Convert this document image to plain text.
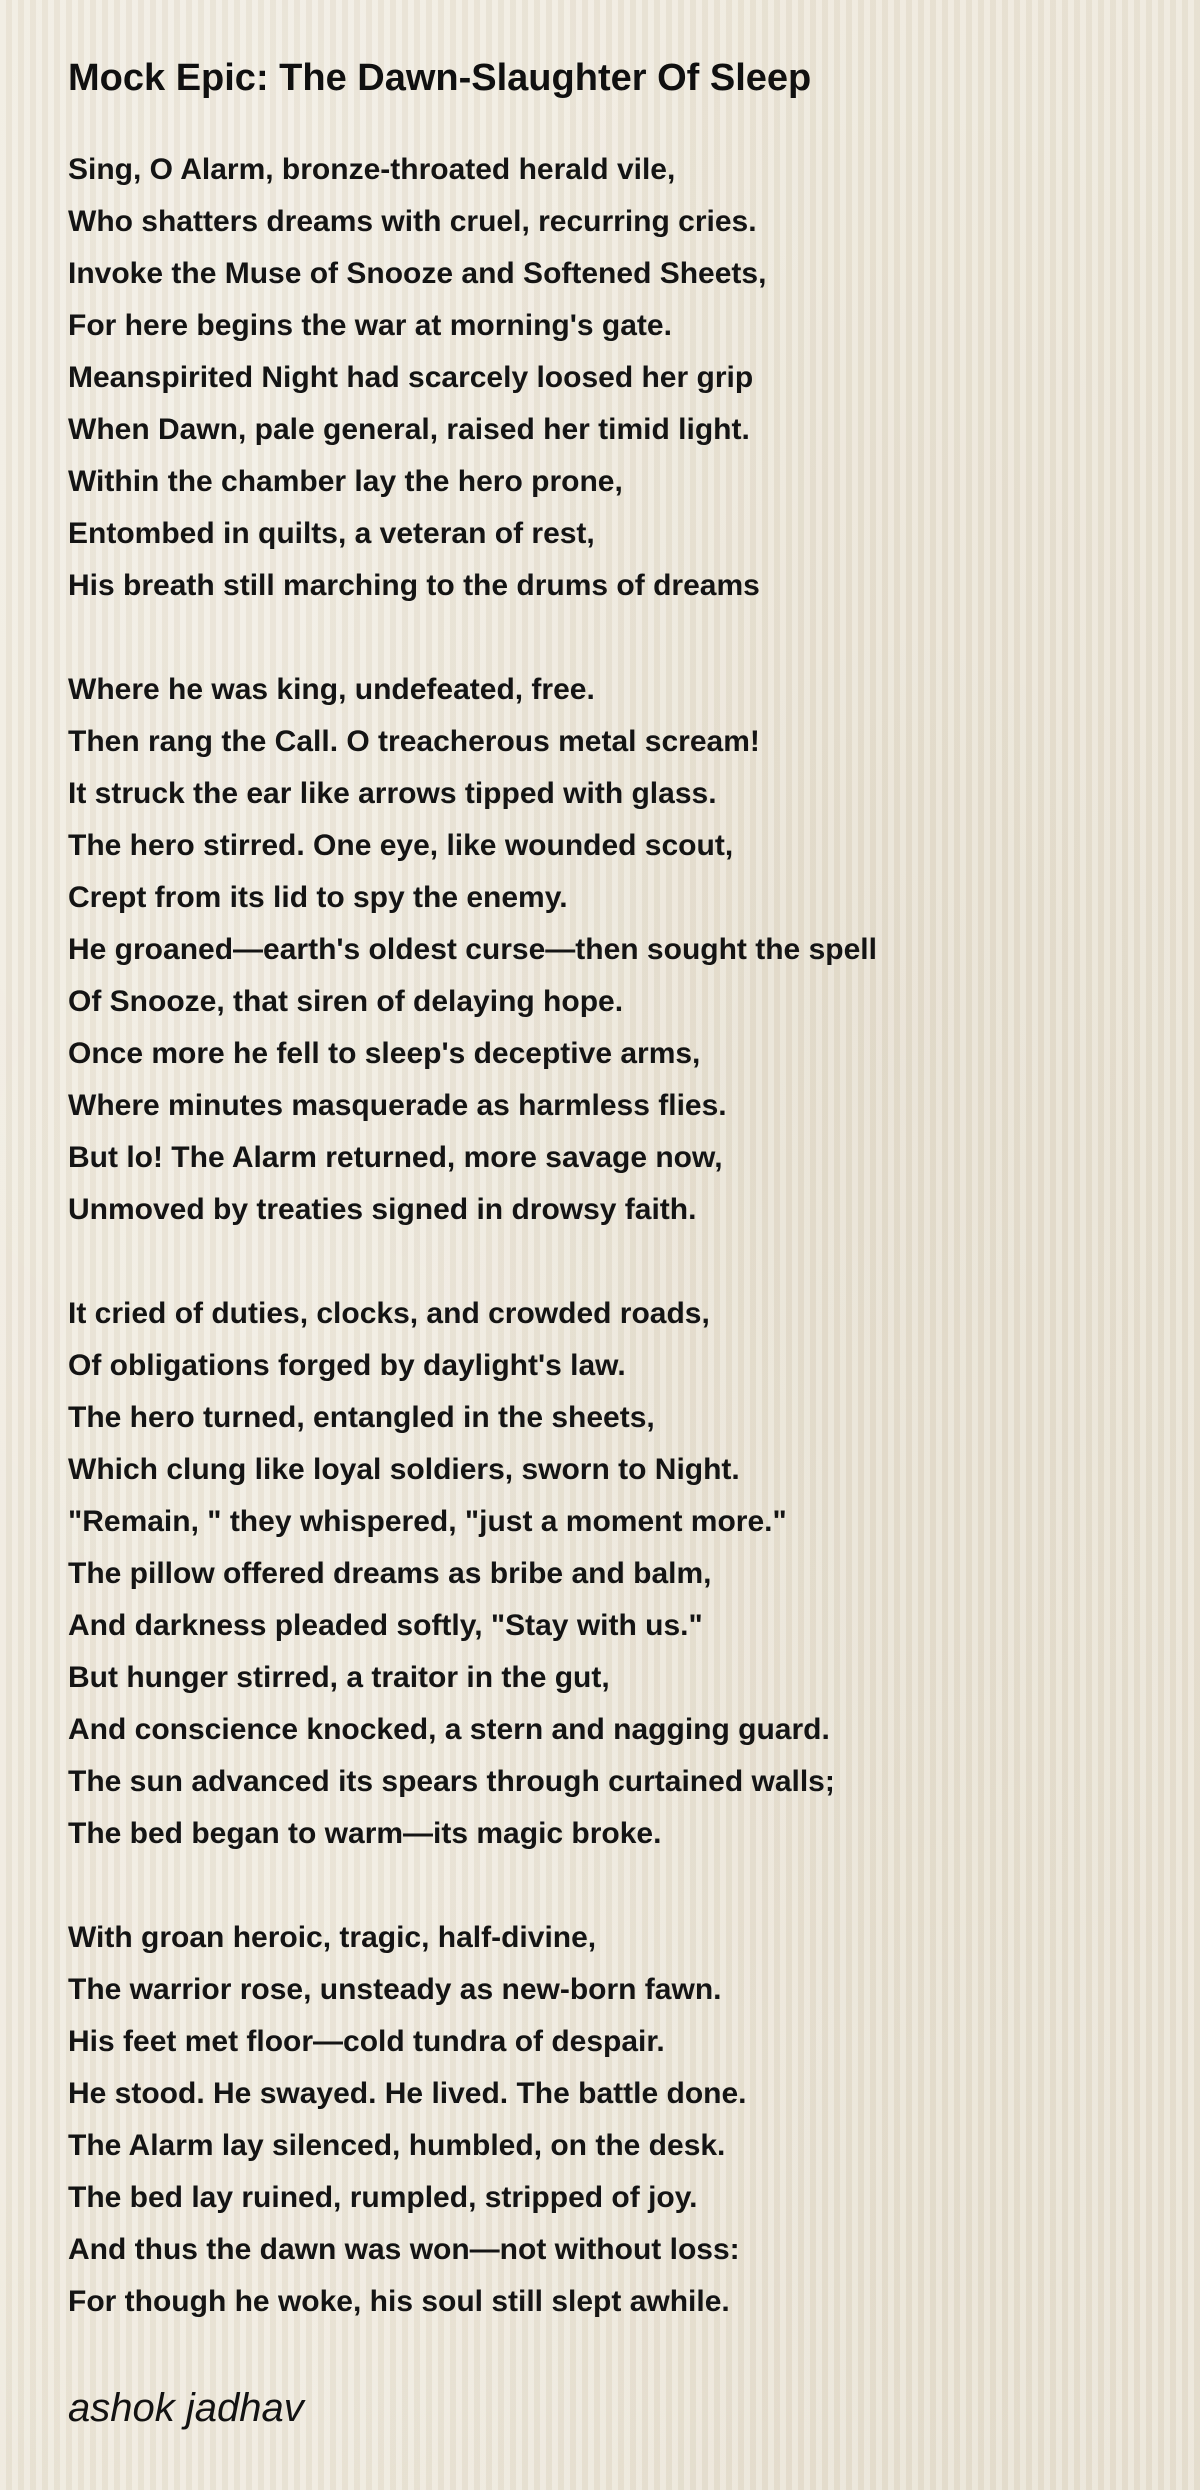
Mock Epic: The Dawn-Slaughter Of Sleep
Sing, O Alarm, bronze-throated herald vile,
Who shatters dreams with cruel, recurring cries.
Invoke the Muse of Snooze and Softened Sheets,
For here begins the war at morning's gate.
Meanspirited Night had scarcely loosed her grip
When Dawn, pale general, raised her timid light.
Within the chamber lay the hero prone,
Entombed in quilts, a veteran of rest,
His breath still marching to the drums of dreams
Where he was king, undefeated, free.
Then rang the Call. O treacherous metal scream!
It struck the ear like arrows tipped with glass.
The hero stirred. One eye, like wounded scout,
Crept from its lid to spy the enemy.
He groaned—earth's oldest curse—then sought the spell
Of Snooze, that siren of delaying hope.
Once more he fell to sleep's deceptive arms,
Where minutes masquerade as harmless flies.
But lo! The Alarm returned, more savage now,
Unmoved by treaties signed in drowsy faith.
It cried of duties, clocks, and crowded roads,
Of obligations forged by daylight's law.
The hero turned, entangled in the sheets,
Which clung like loyal soldiers, sworn to Night.
"Remain, " they whispered, "just a moment more."
The pillow offered dreams as bribe and balm,
And darkness pleaded softly, "Stay with us."
But hunger stirred, a traitor in the gut,
And conscience knocked, a stern and nagging guard.
The sun advanced its spears through curtained walls;
The bed began to warm—its magic broke.
With groan heroic, tragic, half-divine,
The warrior rose, unsteady as new-born fawn.
His feet met floor—cold tundra of despair.
He stood. He swayed. He lived. The battle done.
The Alarm lay silenced, humbled, on the desk.
The bed lay ruined, rumpled, stripped of joy.
And thus the dawn was won—not without loss:
For though he woke, his soul still slept awhile.
ashok jadhav
